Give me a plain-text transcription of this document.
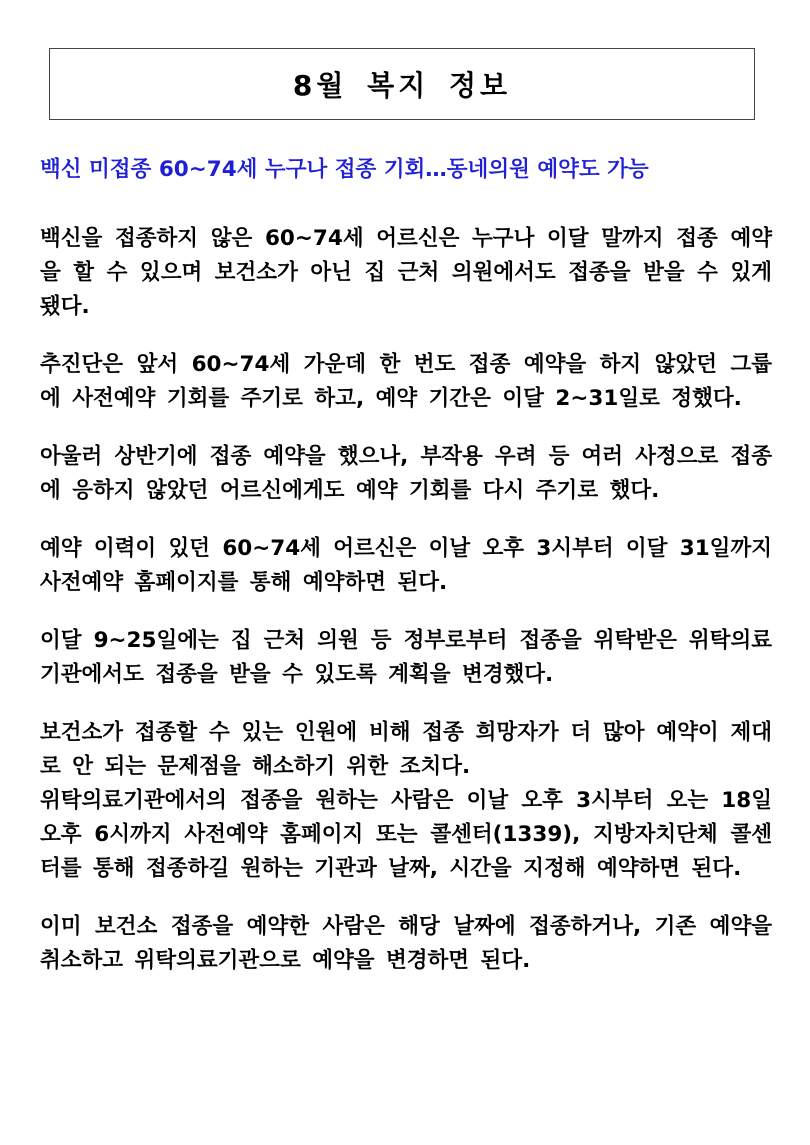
8월 복지 정보
백신 미접종 60~74세 누구나 접종 기회…동네의원 예약도 가능

백신을 접종하지 않은 60~74세 어르신은 누구나 이달 말까지 접종 예약을 할 수 있으며 보건소가 아닌 집 근처 의원에서도 접종을 받을 수 있게 됐다.

추진단은 앞서 60~74세 가운데 한 번도 접종 예약을 하지 않았던 그룹에 사전예약 기회를 주기로 하고, 예약 기간은 이달 2~31일로 정했다.

아울러 상반기에 접종 예약을 했으나, 부작용 우려 등 여러 사정으로 접종에 응하지 않았던 어르신에게도 예약 기회를 다시 주기로 했다.

예약 이력이 있던 60~74세 어르신은 이날 오후 3시부터 이달 31일까지 사전예약 홈페이지를 통해 예약하면 된다.

이달 9~25일에는 집 근처 의원 등 정부로부터 접종을 위탁받은 위탁의료기관에서도 접종을 받을 수 있도록 계획을 변경했다.

보건소가 접종할 수 있는 인원에 비해 접종 희망자가 더 많아 예약이 제대로 안 되는 문제점을 해소하기 위한 조치다.

위탁의료기관에서의 접종을 원하는 사람은 이날 오후 3시부터 오는 18일 오후 6시까지 사전예약 홈페이지 또는 콜센터(1339), 지방자치단체 콜센터를 통해 접종하길 원하는 기관과 날짜, 시간을 지정해 예약하면 된다.

이미 보건소 접종을 예약한 사람은 해당 날짜에 접종하거나, 기존 예약을 취소하고 위탁의료기관으로 예약을 변경하면 된다.
